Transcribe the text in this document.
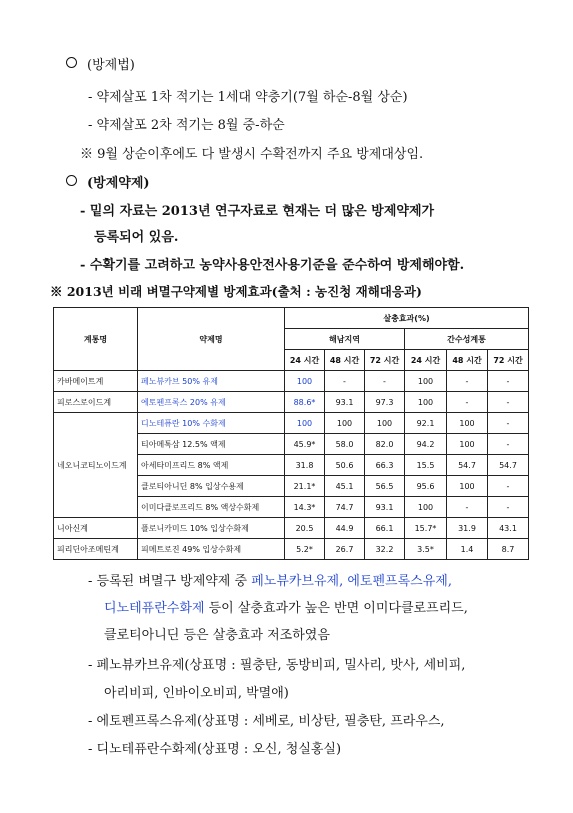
(방제법)
- 약제살포 1차 적기는 1세대 약충기(7월 하순-8월 상순)
- 약제살포 2차 적기는 8월 중-하순
※ 9월 상순이후에도 다 발생시 수확전까지 주요 방제대상임.
(방제약제)
- 밑의 자료는 2013년 연구자료로 현재는 더 많은 방제약제가
등록되어 있음.
- 수확기를 고려하고 농약사용안전사용기준을 준수하여 방제해야함.
※ 2013년 비래 벼멸구약제별 방제효과(출처 : 농진청 재해대응과)
계통명	약제명	살충효과(%)					
		해남지역			간수성계통		
		24 시간	48 시간	72 시간	24 시간	48 시간	72 시간
카바메이트계	페노뷰카브 50% 유제	100	-	-	100	-	-
피로스로이드계	에토펜프록스 20% 유제	88.6*	93.1	97.3	100	-	-
네오니코티노이드계	디노테퓨란 10% 수화제	100	100	100	92.1	100	-
	티아메톡삼 12.5% 액제	45.9*	58.0	82.0	94.2	100	-
	아세타미프리드 8% 액제	31.8	50.6	66.3	15.5	54.7	54.7
	클로티아니딘 8% 입상수용제	21.1*	45.1	56.5	95.6	100	-
	이미다클로프리드 8% 액상수화제	14.3*	74.7	93.1	100	-	-
니아신계	플로니카미드 10% 입상수화제	20.5	44.9	66.1	15.7*	31.9	43.1
피리딘아조메틴계	피메트로진 49% 입상수화제	5.2*	26.7	32.2	3.5*	1.4	8.7
- 등록된 벼멸구 방제약제 중 페노뷰카브유제, 에토펜프록스유제,
디노테퓨란수화제 등이 살충효과가 높은 반면 이미다클로프리드,
클로티아니딘 등은 살충효과 저조하였음
- 페노뷰카브유제(상표명 : 필충탄, 동방비피, 밀사리, 밧사, 세비피,
아리비피, 인바이오비피, 박멸애)
- 에토펜프록스유제(상표명 : 세베로, 비상탄, 필충탄, 프라우스,
- 디노테퓨란수화제(상표명 : 오신, 청실홍실)
